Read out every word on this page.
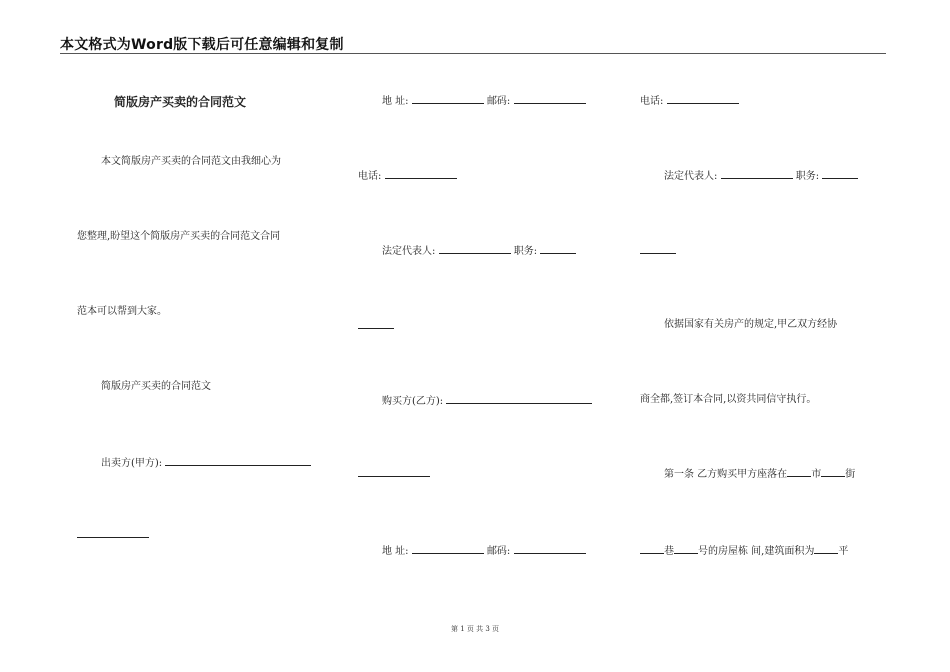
本文格式为Word版下载后可任意编辑和复制
简版房产买卖的合同范文
本文简版房产买卖的合同范文由我细心为
您整理,盼望这个简版房产买卖的合同范文合同
范本可以帮到大家。
简版房产买卖的合同范文
出卖方(甲方):
地 址:	邮码:
电话:
法定代表人:	职务:
购买方(乙方):
地 址:	邮码:
电话:
法定代表人:	职务:
依据国家有关房产的规定,甲乙双方经协
商全都,签订本合同,以资共同信守执行。
第一条 乙方购买甲方座落在 市 街
巷 号的房屋栋 间,建筑面积为 平
第 1 页 共 3 页
